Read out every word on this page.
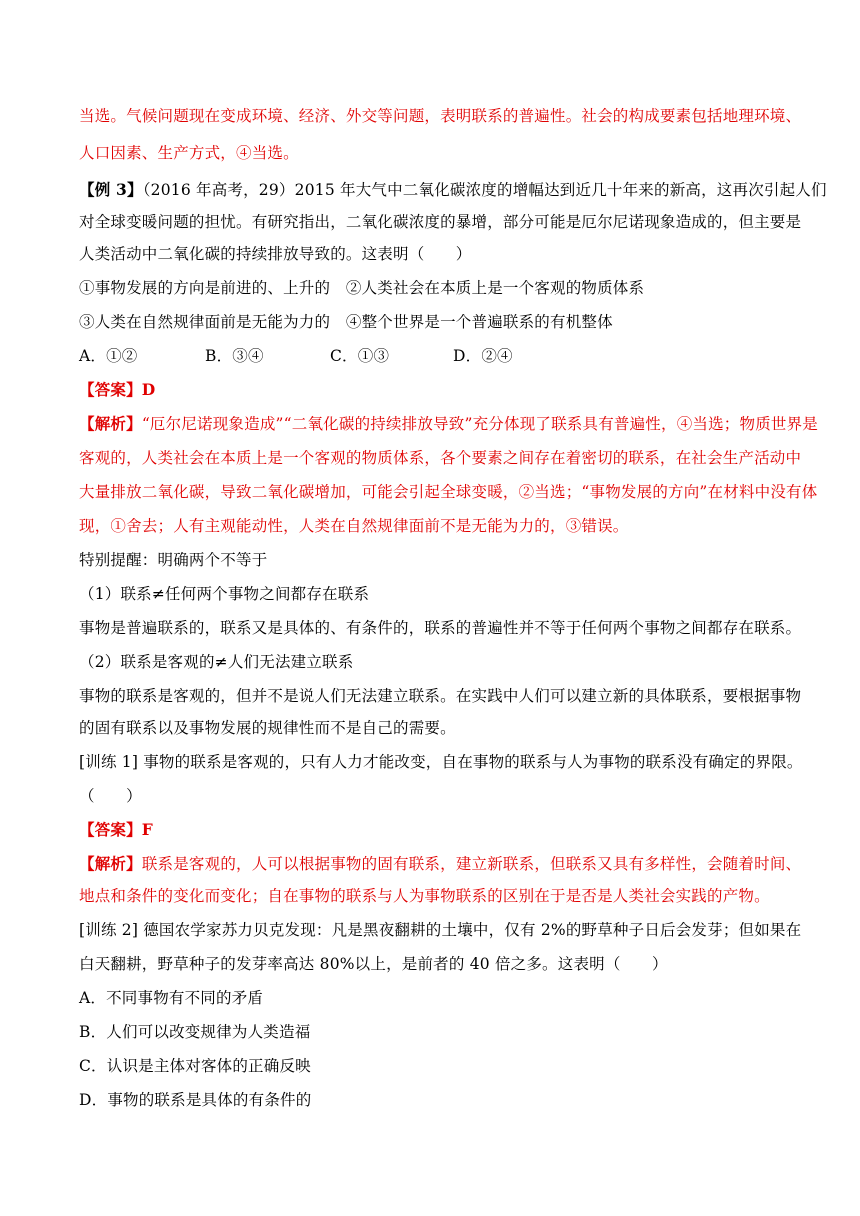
当选。气候问题现在变成环境、经济、外交等问题，表明联系的普遍性。社会的构成要素包括地理环境、
人口因素、生产方式，④当选。
【例 3】（2016 年高考，29）2015 年大气中二氧化碳浓度的增幅达到近几十年来的新高，这再次引起人们
对全球变暖问题的担忧。有研究指出，二氧化碳浓度的暴增，部分可能是厄尔尼诺现象造成的，但主要是
人类活动中二氧化碳的持续排放导致的。这表明（　　）
①事物发展的方向是前进的、上升的　②人类社会在本质上是一个客观的物质体系
③人类在自然规律面前是无能为力的　④整个世界是一个普遍联系的有机整体
A．①②	B．③④	C．①③	D．②④
【答案】D
【解析】“厄尔尼诺现象造成”“二氧化碳的持续排放导致”充分体现了联系具有普遍性，④当选；物质世界是
客观的，人类社会在本质上是一个客观的物质体系，各个要素之间存在着密切的联系，在社会生产活动中
大量排放二氧化碳，导致二氧化碳增加，可能会引起全球变暖，②当选；“事物发展的方向”在材料中没有体
现，①舍去；人有主观能动性，人类在自然规律面前不是无能为力的，③错误。
特别提醒：明确两个不等于
（1）联系≠任何两个事物之间都存在联系
事物是普遍联系的，联系又是具体的、有条件的，联系的普遍性并不等于任何两个事物之间都存在联系。
（2）联系是客观的≠人们无法建立联系
事物的联系是客观的，但并不是说人们无法建立联系。在实践中人们可以建立新的具体联系，要根据事物
的固有联系以及事物发展的规律性而不是自己的需要。
[训练 1] 事物的联系是客观的，只有人力才能改变，自在事物的联系与人为事物的联系没有确定的界限。
（　　）
【答案】F
【解析】联系是客观的，人可以根据事物的固有联系，建立新联系，但联系又具有多样性，会随着时间、
地点和条件的变化而变化；自在事物的联系与人为事物联系的区别在于是否是人类社会实践的产物。
[训练 2] 德国农学家苏力贝克发现：凡是黑夜翻耕的土壤中，仅有 2%的野草种子日后会发芽；但如果在
白天翻耕，野草种子的发芽率高达 80%以上，是前者的 40 倍之多。这表明（　　）
A．不同事物有不同的矛盾
B．人们可以改变规律为人类造福
C．认识是主体对客体的正确反映
D．事物的联系是具体的有条件的
